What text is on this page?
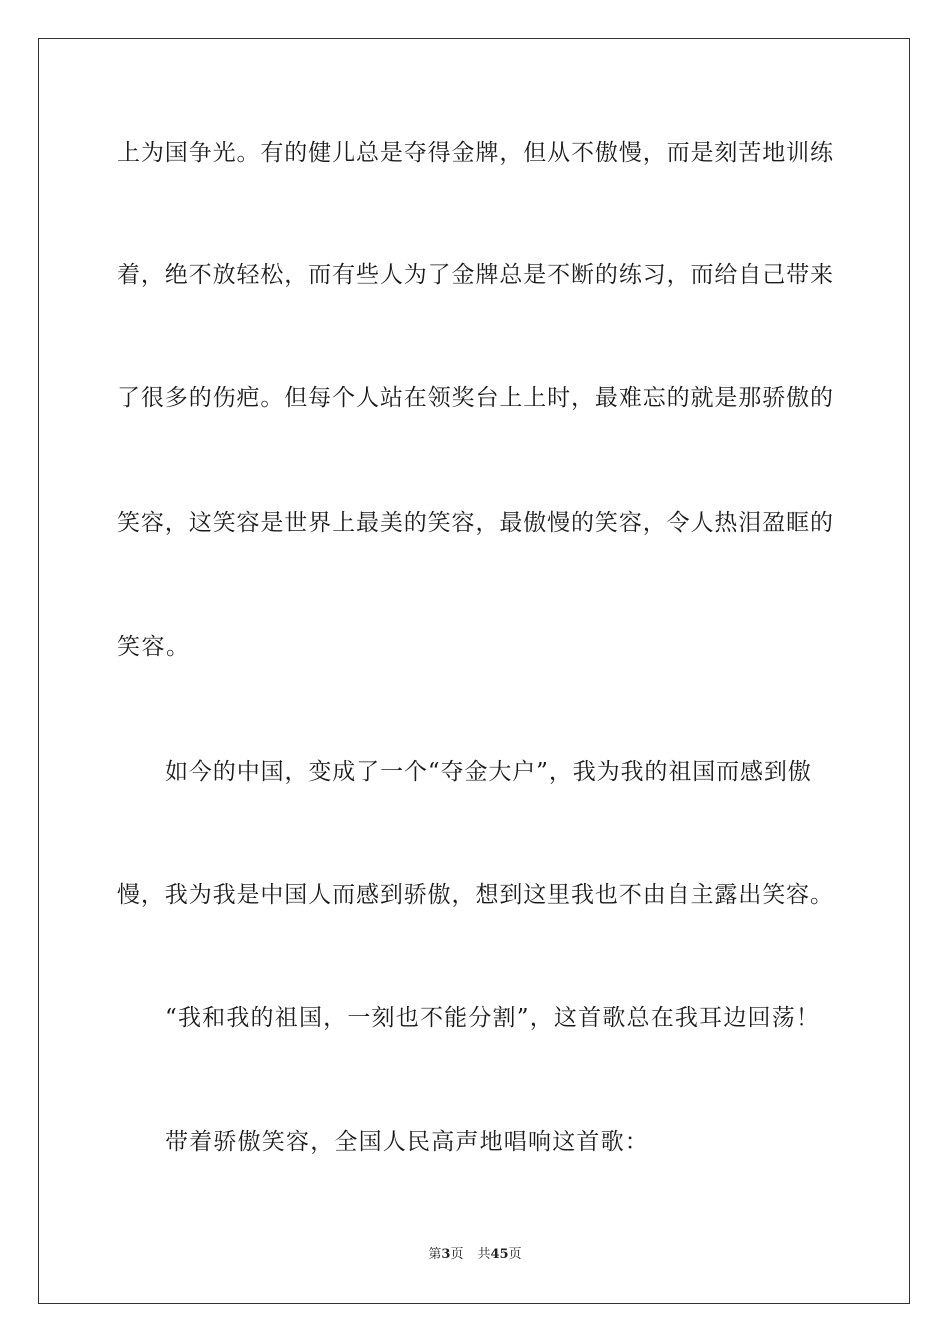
上为国争光。有的健儿总是夺得金牌，但从不傲慢，而是刻苦地训练
着，绝不放轻松，而有些人为了金牌总是不断的练习，而给自己带来
了很多的伤疤。但每个人站在领奖台上上时，最难忘的就是那骄傲的
笑容，这笑容是世界上最美的笑容，最傲慢的笑容，令人热泪盈眶的
笑容。
如今的中国，变成了一个“夺金大户”，我为我的祖国而感到傲
慢，我为我是中国人而感到骄傲，想到这里我也不由自主露出笑容。
“我和我的祖国，一刻也不能分割”，这首歌总在我耳边回荡！
带着骄傲笑容，全国人民高声地唱响这首歌：
第3页 共45页
